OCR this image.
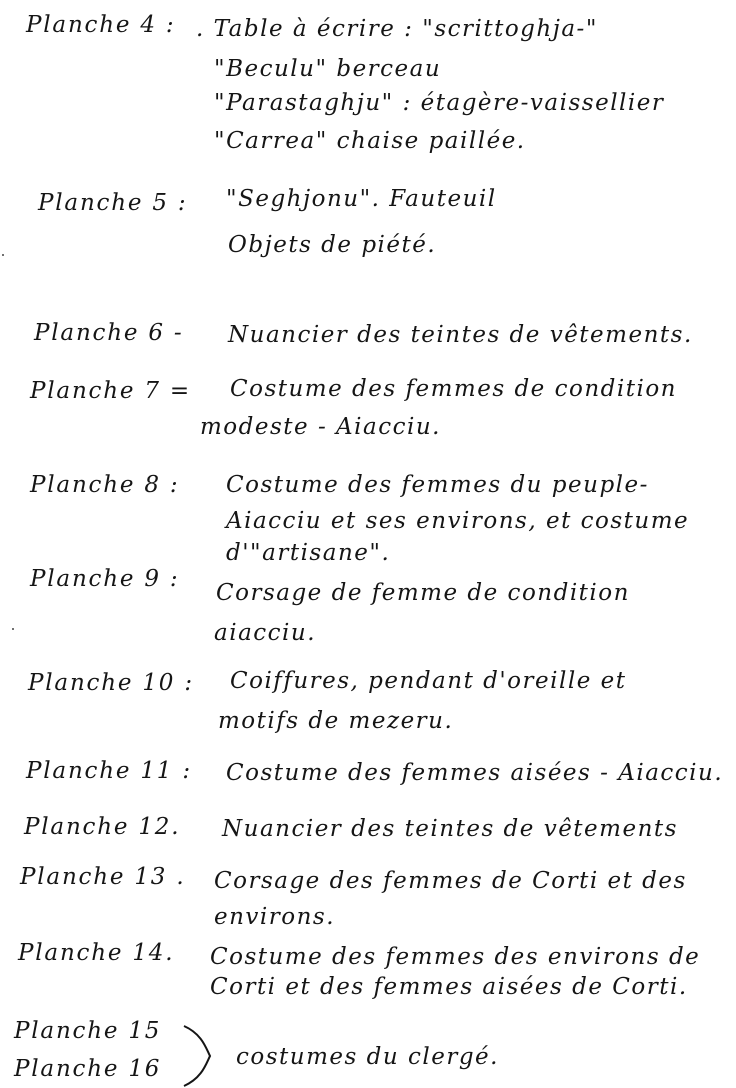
Planche 4 : . Table à écrire : "scrittoghja-"
"Beculu" berceau
"Parastaghju" : étagère-vaissellier
"Carrea" chaise paillée.
Planche 5 : "Seghjonu". Fauteuil
Objets de piété.
Planche 6 - Nuancier des teintes de vêtements.
Planche 7 = Costume des femmes de condition
modeste - Aiacciu.
Planche 8 : Costume des femmes du peuple-
Aiacciu et ses environs, et costume
d'"artisane".
Planche 9 :
Corsage de femme de condition
aiacciu.
Planche 10 : Coiffures, pendant d'oreille et
motifs de mezeru.
Planche 11 : Costume des femmes aisées - Aiacciu.
Planche 12. Nuancier des teintes de vêtements
Planche 13 . Corsage des femmes de Corti et des
environs.
Planche 14. Costume des femmes des environs de
Corti et des femmes aisées de Corti.
Planche 15
Planche 16	costumes du clergé.
